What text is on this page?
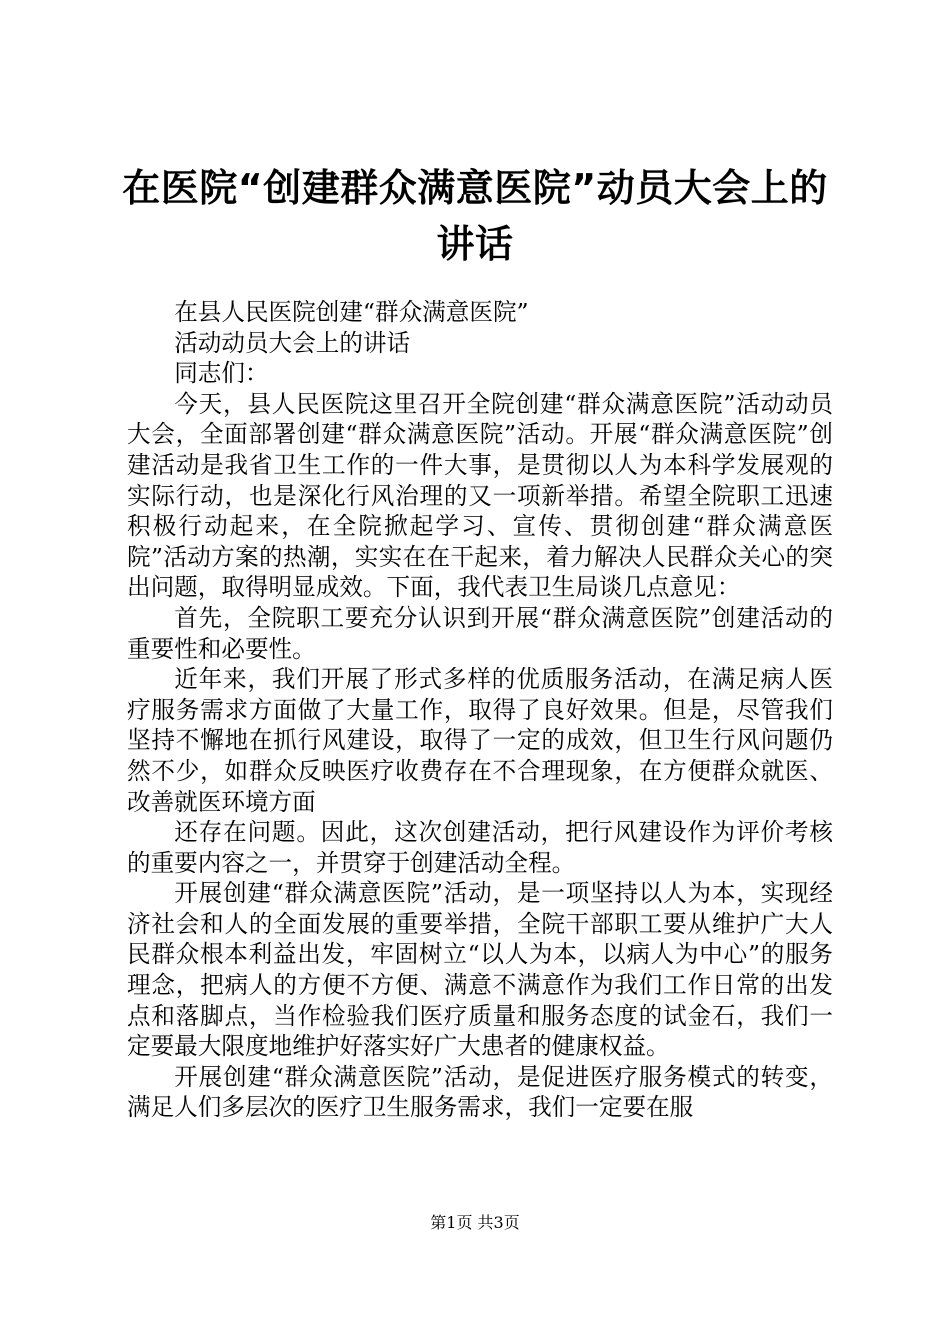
在医院“创建群众满意医院”动员大会上的讲话

在县人民医院创建“群众满意医院”

活动动员大会上的讲话

同志们：

今天，县人民医院这里召开全院创建“群众满意医院”活动动员大会，全面部署创建“群众满意医院”活动。开展“群众满意医院”创建活动是我省卫生工作的一件大事，是贯彻以人为本科学发展观的实际行动，也是深化行风治理的又一项新举措。希望全院职工迅速积极行动起来，在全院掀起学习、宣传、贯彻创建“群众满意医院”活动方案的热潮，实实在在干起来，着力解决人民群众关心的突出问题，取得明显成效。下面，我代表卫生局谈几点意见：

首先，全院职工要充分认识到开展“群众满意医院”创建活动的重要性和必要性。

近年来，我们开展了形式多样的优质服务活动，在满足病人医疗服务需求方面做了大量工作，取得了良好效果。但是，尽管我们坚持不懈地在抓行风建设，取得了一定的成效，但卫生行风问题仍然不少，如群众反映医疗收费存在不合理现象，在方便群众就医、改善就医环境方面

还存在问题。因此，这次创建活动，把行风建设作为评价考核的重要内容之一，并贯穿于创建活动全程。

开展创建“群众满意医院”活动，是一项坚持以人为本，实现经济社会和人的全面发展的重要举措，全院干部职工要从维护广大人民群众根本利益出发，牢固树立“以人为本，以病人为中心”的服务理念，把病人的方便不方便、满意不满意作为我们工作日常的出发点和落脚点，当作检验我们医疗质量和服务态度的试金石，我们一定要最大限度地维护好落实好广大患者的健康权益。

开展创建“群众满意医院”活动，是促进医疗服务模式的转变，满足人们多层次的医疗卫生服务需求，我们一定要在服

第1页 共3页
